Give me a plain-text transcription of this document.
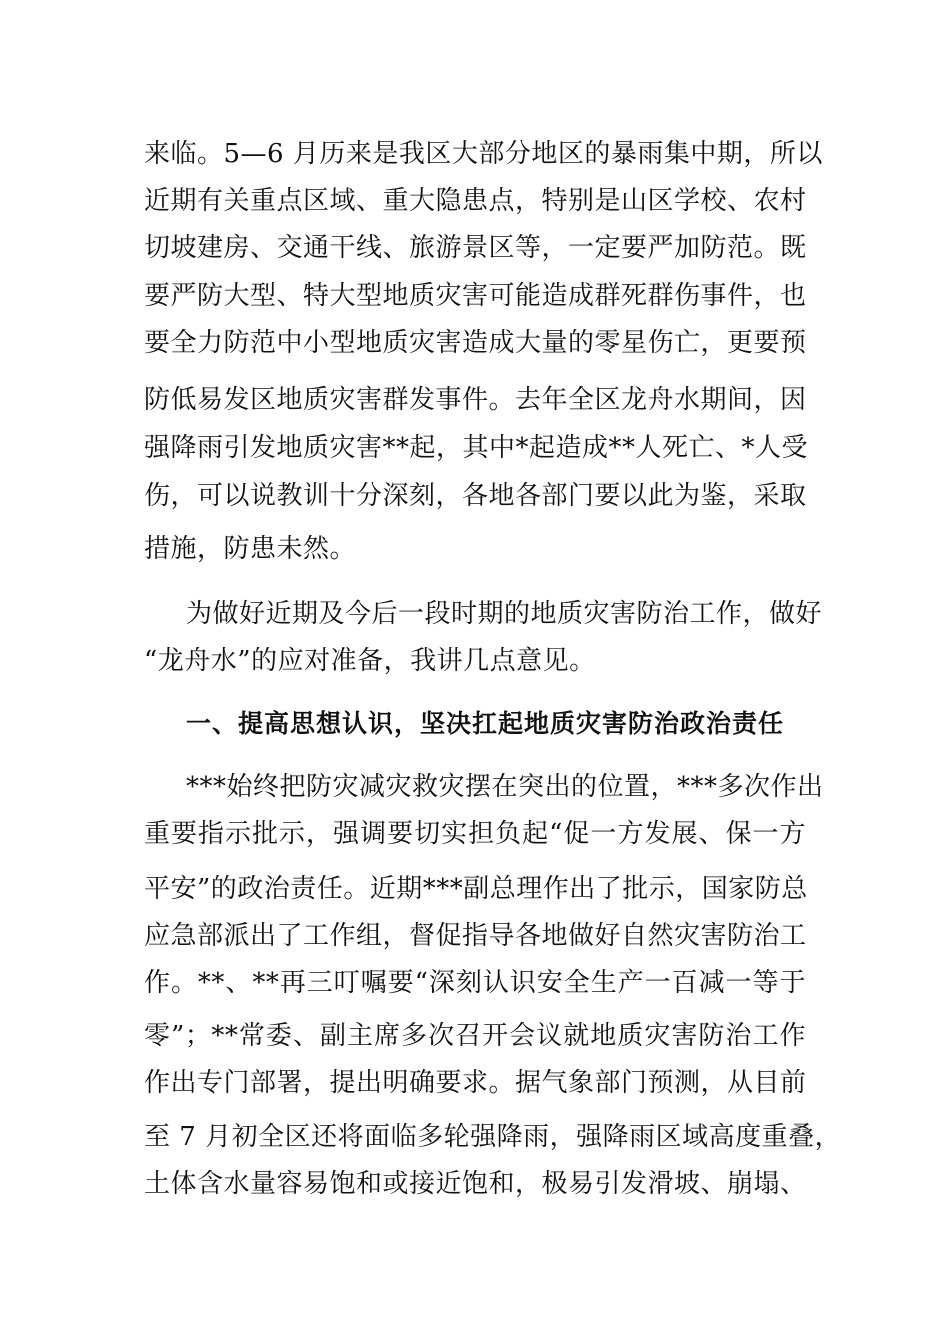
来临。5—6 月历来是我区大部分地区的暴雨集中期，所以
近期有关重点区域、重大隐患点，特别是山区学校、农村
切坡建房、交通干线、旅游景区等，一定要严加防范。既
要严防大型、特大型地质灾害可能造成群死群伤事件，也
要全力防范中小型地质灾害造成大量的零星伤亡，更要预
防低易发区地质灾害群发事件。去年全区龙舟水期间，因
强降雨引发地质灾害**起，其中*起造成**人死亡、*人受
伤，可以说教训十分深刻，各地各部门要以此为鉴，采取
措施，防患未然。
为做好近期及今后一段时期的地质灾害防治工作，做好
“龙舟水”的应对准备，我讲几点意见。
一、提高思想认识，坚决扛起地质灾害防治政治责任
***始终把防灾减灾救灾摆在突出的位置，***多次作出
重要指示批示，强调要切实担负起“促一方发展、保一方
平安”的政治责任。近期***副总理作出了批示，国家防总
应急部派出了工作组，督促指导各地做好自然灾害防治工
作。**、**再三叮嘱要“深刻认识安全生产一百减一等于
零”；**常委、副主席多次召开会议就地质灾害防治工作
作出专门部署，提出明确要求。据气象部门预测，从目前
至 7 月初全区还将面临多轮强降雨，强降雨区域高度重叠，
土体含水量容易饱和或接近饱和，极易引发滑坡、崩塌、
